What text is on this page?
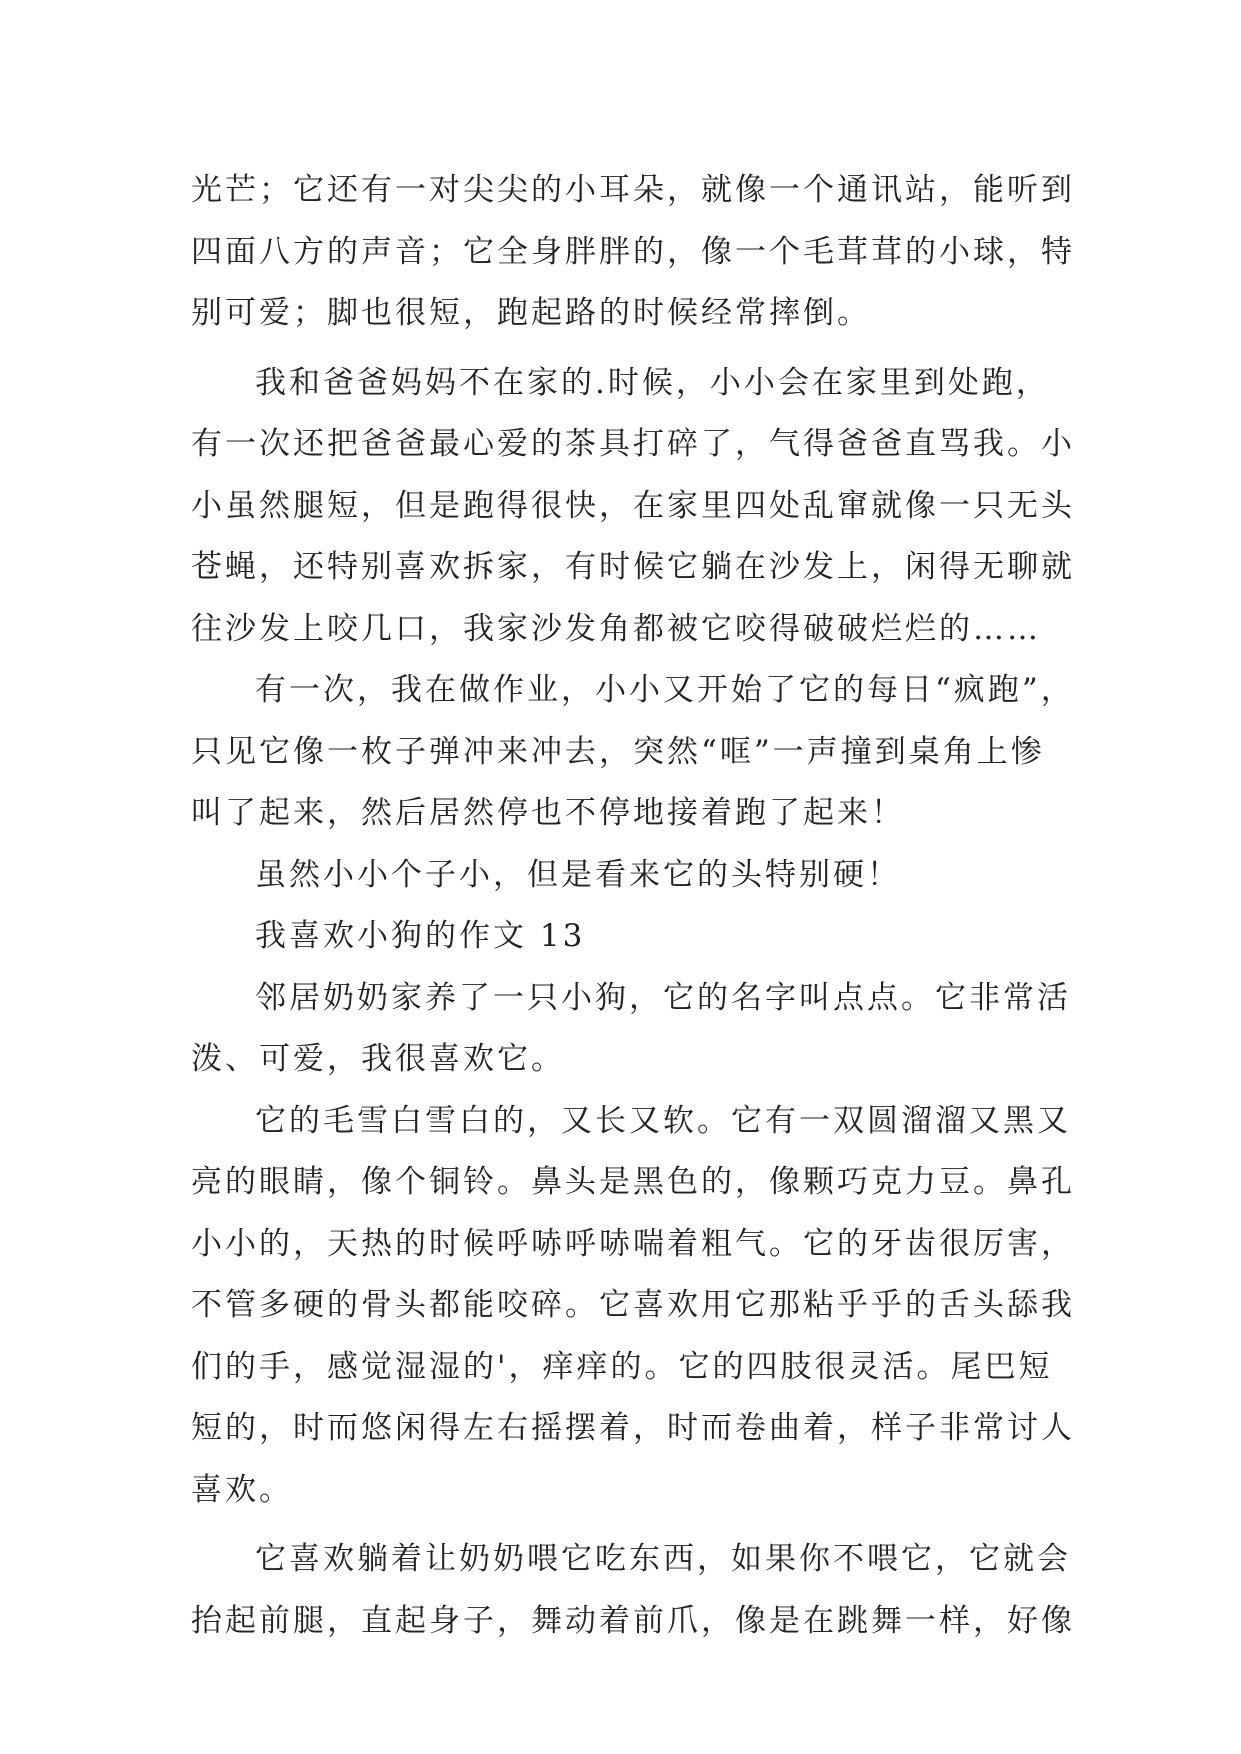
光芒；它还有一对尖尖的小耳朵，就像一个通讯站，能听到
四面八方的声音；它全身胖胖的，像一个毛茸茸的小球，特
别可爱；脚也很短，跑起路的时候经常摔倒。
我和爸爸妈妈不在家的.时候，小小会在家里到处跑，
有一次还把爸爸最心爱的茶具打碎了，气得爸爸直骂我。小
小虽然腿短，但是跑得很快，在家里四处乱窜就像一只无头
苍蝇，还特别喜欢拆家，有时候它躺在沙发上，闲得无聊就
往沙发上咬几口，我家沙发角都被它咬得破破烂烂的……
有一次，我在做作业，小小又开始了它的每日“疯跑”，
只见它像一枚子弹冲来冲去，突然“哐”一声撞到桌角上惨
叫了起来，然后居然停也不停地接着跑了起来！
虽然小小个子小，但是看来它的头特别硬！
我喜欢小狗的作文 13
邻居奶奶家养了一只小狗，它的名字叫点点。它非常活
泼、可爱，我很喜欢它。
它的毛雪白雪白的，又长又软。它有一双圆溜溜又黑又
亮的眼睛，像个铜铃。鼻头是黑色的，像颗巧克力豆。鼻孔
小小的，天热的时候呼哧呼哧喘着粗气。它的牙齿很厉害，
不管多硬的骨头都能咬碎。它喜欢用它那粘乎乎的舌头舔我
们的手，感觉湿湿的'，痒痒的。它的四肢很灵活。尾巴短
短的，时而悠闲得左右摇摆着，时而卷曲着，样子非常讨人
喜欢。
它喜欢躺着让奶奶喂它吃东西，如果你不喂它，它就会
抬起前腿，直起身子，舞动着前爪，像是在跳舞一样，好像
